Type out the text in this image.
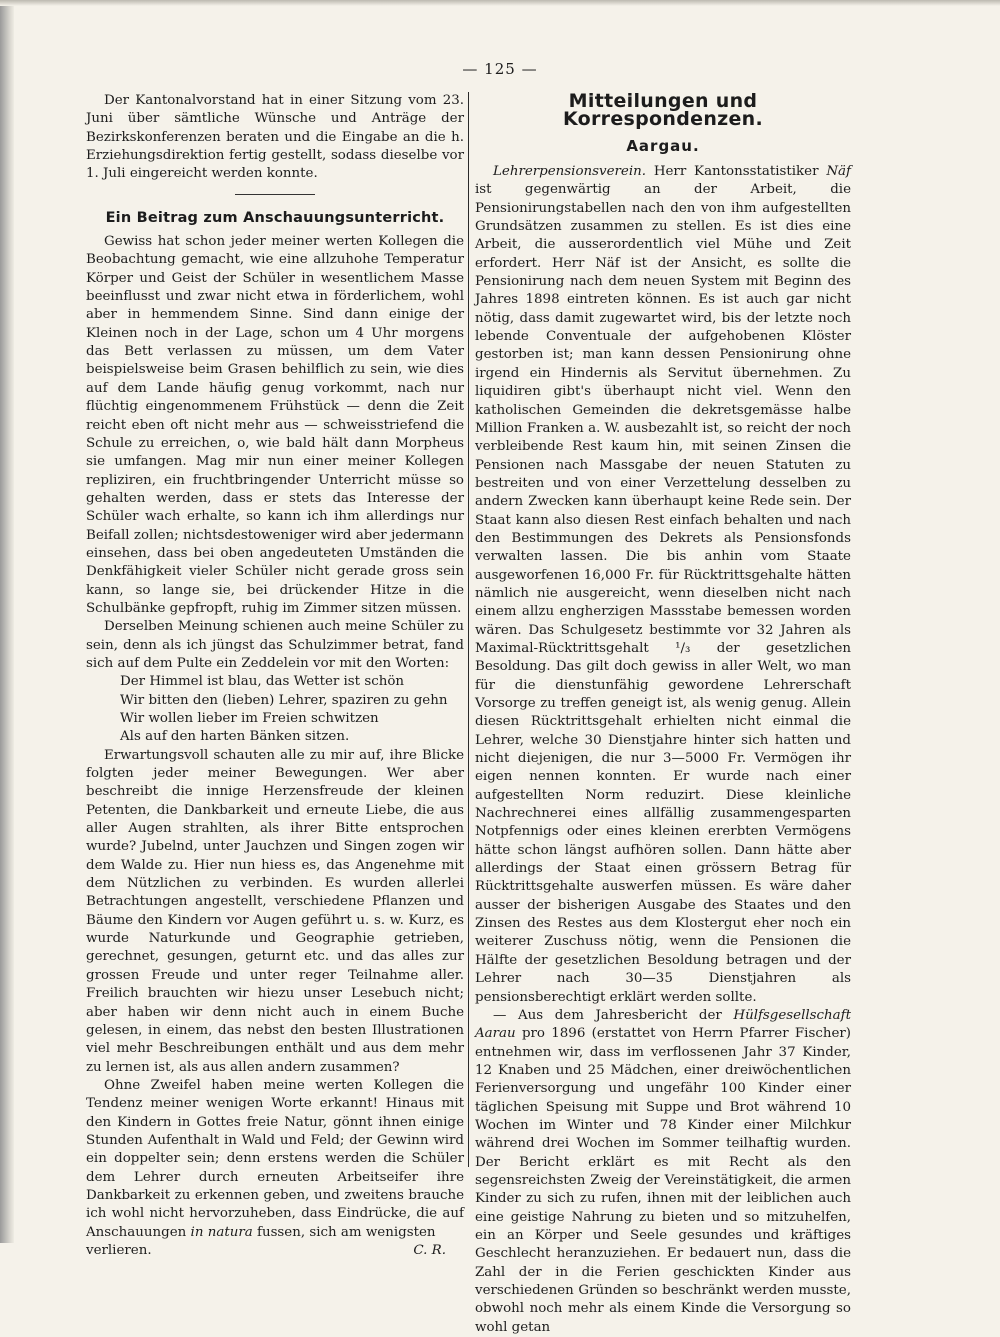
— 125 —

Der Kantonalvorstand hat in einer Sitzung vom 23. Juni über sämtliche Wünsche und Anträge der Bezirkskonferenzen beraten und die Eingabe an die h. Erziehungsdirektion fertig gestellt, sodass dieselbe vor 1. Juli eingereicht werden konnte.

Ein Beitrag zum Anschauungsunterricht.

Gewiss hat schon jeder meiner werten Kollegen die Beobachtung gemacht, wie eine allzuhohe Temperatur Körper und Geist der Schüler in wesentlichem Masse beeinflusst und zwar nicht etwa in förderlichem, wohl aber in hemmendem Sinne. Sind dann einige der Kleinen noch in der Lage, schon um 4 Uhr morgens das Bett verlassen zu müssen, um dem Vater beispielsweise beim Grasen behilflich zu sein, wie dies auf dem Lande häufig genug vorkommt, nach nur flüchtig eingenommenem Frühstück — denn die Zeit reicht eben oft nicht mehr aus — schweisstriefend die Schule zu erreichen, o, wie bald hält dann Morpheus sie umfangen. Mag mir nun einer meiner Kollegen repliziren, ein fruchtbringender Unterricht müsse so gehalten werden, dass er stets das Interesse der Schüler wach erhalte, so kann ich ihm allerdings nur Beifall zollen; nichtsdestoweniger wird aber jedermann einsehen, dass bei oben angedeuteten Umständen die Denkfähigkeit vieler Schüler nicht gerade gross sein kann, so lange sie, bei drückender Hitze in die Schulbänke gepfropft, ruhig im Zimmer sitzen müssen.

Derselben Meinung schienen auch meine Schüler zu sein, denn als ich jüngst das Schulzimmer betrat, fand sich auf dem Pulte ein Zeddelein vor mit den Worten:

Der Himmel ist blau, das Wetter ist schön
Wir bitten den (lieben) Lehrer, spaziren zu gehn
Wir wollen lieber im Freien schwitzen
Als auf den harten Bänken sitzen.

Erwartungsvoll schauten alle zu mir auf, ihre Blicke folgten jeder meiner Bewegungen. Wer aber beschreibt die innige Herzensfreude der kleinen Petenten, die Dankbarkeit und erneute Liebe, die aus aller Augen strahlten, als ihrer Bitte entsprochen wurde? Jubelnd, unter Jauchzen und Singen zogen wir dem Walde zu. Hier nun hiess es, das Angenehme mit dem Nützlichen zu verbinden. Es wurden allerlei Betrachtungen angestellt, verschiedene Pflanzen und Bäume den Kindern vor Augen geführt u. s. w. Kurz, es wurde Naturkunde und Geographie getrieben, gerechnet, gesungen, geturnt etc. und das alles zur grossen Freude und unter reger Teilnahme aller. Freilich brauchten wir hiezu unser Lesebuch nicht; aber haben wir denn nicht auch in einem Buche gelesen, in einem, das nebst den besten Illustrationen viel mehr Beschreibungen enthält und aus dem mehr zu lernen ist, als aus allen andern zusammen?

Ohne Zweifel haben meine werten Kollegen die Tendenz meiner wenigen Worte erkannt! Hinaus mit den Kindern in Gottes freie Natur, gönnt ihnen einige Stunden Aufenthalt in Wald und Feld; der Gewinn wird ein doppelter sein; denn erstens werden die Schüler dem Lehrer durch erneuten Arbeitseifer ihre Dankbarkeit zu erkennen geben, und zweitens brauche ich wohl nicht hervorzuheben, dass Eindrücke, die auf Anschauungen in natura fussen, sich am wenigsten

verlieren.	C. R.
Mitteilungen und Korrespondenzen.
Aargau.

Lehrerpensionsverein. Herr Kantonsstatistiker Näf ist gegenwärtig an der Arbeit, die Pensionirungstabellen nach den von ihm aufgestellten Grundsätzen zusammen zu stellen. Es ist dies eine Arbeit, die ausserordentlich viel Mühe und Zeit erfordert. Herr Näf ist der Ansicht, es sollte die Pensionirung nach dem neuen System mit Beginn des Jahres 1898 eintreten können. Es ist auch gar nicht nötig, dass damit zugewartet wird, bis der letzte noch lebende Conventuale der aufgehobenen Klöster gestorben ist; man kann dessen Pensionirung ohne irgend ein Hindernis als Servitut übernehmen. Zu liquidiren gibt's überhaupt nicht viel. Wenn den katholischen Gemeinden die dekretsgemässe halbe Million Franken a. W. ausbezahlt ist, so reicht der noch verbleibende Rest kaum hin, mit seinen Zinsen die Pensionen nach Massgabe der neuen Statuten zu bestreiten und von einer Verzettelung desselben zu andern Zwecken kann überhaupt keine Rede sein. Der Staat kann also diesen Rest einfach behalten und nach den Bestimmungen des Dekrets als Pensionsfonds verwalten lassen. Die bis anhin vom Staate ausgeworfenen 16,000 Fr. für Rücktrittsgehalte hätten nämlich nie ausgereicht, wenn dieselben nicht nach einem allzu engherzigen Massstabe bemessen worden wären. Das Schulgesetz bestimmte vor 32 Jahren als Maximal-Rücktrittsgehalt ¹/₃ der gesetzlichen Besoldung. Das gilt doch gewiss in aller Welt, wo man für die dienstunfähig gewordene Lehrerschaft Vorsorge zu treffen geneigt ist, als wenig genug. Allein diesen Rücktrittsgehalt erhielten nicht einmal die Lehrer, welche 30 Dienstjahre hinter sich hatten und nicht diejenigen, die nur 3—5000 Fr. Vermögen ihr eigen nennen konnten. Er wurde nach einer aufgestellten Norm reduzirt. Diese kleinliche Nachrechnerei eines allfällig zusammengesparten Notpfennigs oder eines kleinen ererbten Vermögens hätte schon längst aufhören sollen. Dann hätte aber allerdings der Staat einen grössern Betrag für Rücktrittsgehalte auswerfen müssen. Es wäre daher ausser der bisherigen Ausgabe des Staates und den Zinsen des Restes aus dem Klostergut eher noch ein weiterer Zuschuss nötig, wenn die Pensionen die Hälfte der gesetzlichen Besoldung betragen und der Lehrer nach 30—35 Dienstjahren als pensionsberechtigt erklärt werden sollte.

— Aus dem Jahresbericht der Hülfsgesellschaft Aarau pro 1896 (erstattet von Herrn Pfarrer Fischer) entnehmen wir, dass im verflossenen Jahr 37 Kinder, 12 Knaben und 25 Mädchen, einer dreiwöchentlichen Ferienversorgung und ungefähr 100 Kinder einer täglichen Speisung mit Suppe und Brot während 10 Wochen im Winter und 78 Kinder einer Milchkur während drei Wochen im Sommer teilhaftig wurden. Der Bericht erklärt es mit Recht als den segensreichsten Zweig der Vereinstätigkeit, die armen Kinder zu sich zu rufen, ihnen mit der leiblichen auch eine geistige Nahrung zu bieten und so mitzuhelfen, ein an Körper und Seele gesundes und kräftiges Geschlecht heranzuziehen. Er bedauert nun, dass die Zahl der in die Ferien geschickten Kinder aus verschiedenen Gründen so beschränkt werden musste, obwohl noch mehr als einem Kinde die Versorgung so wohl getan
